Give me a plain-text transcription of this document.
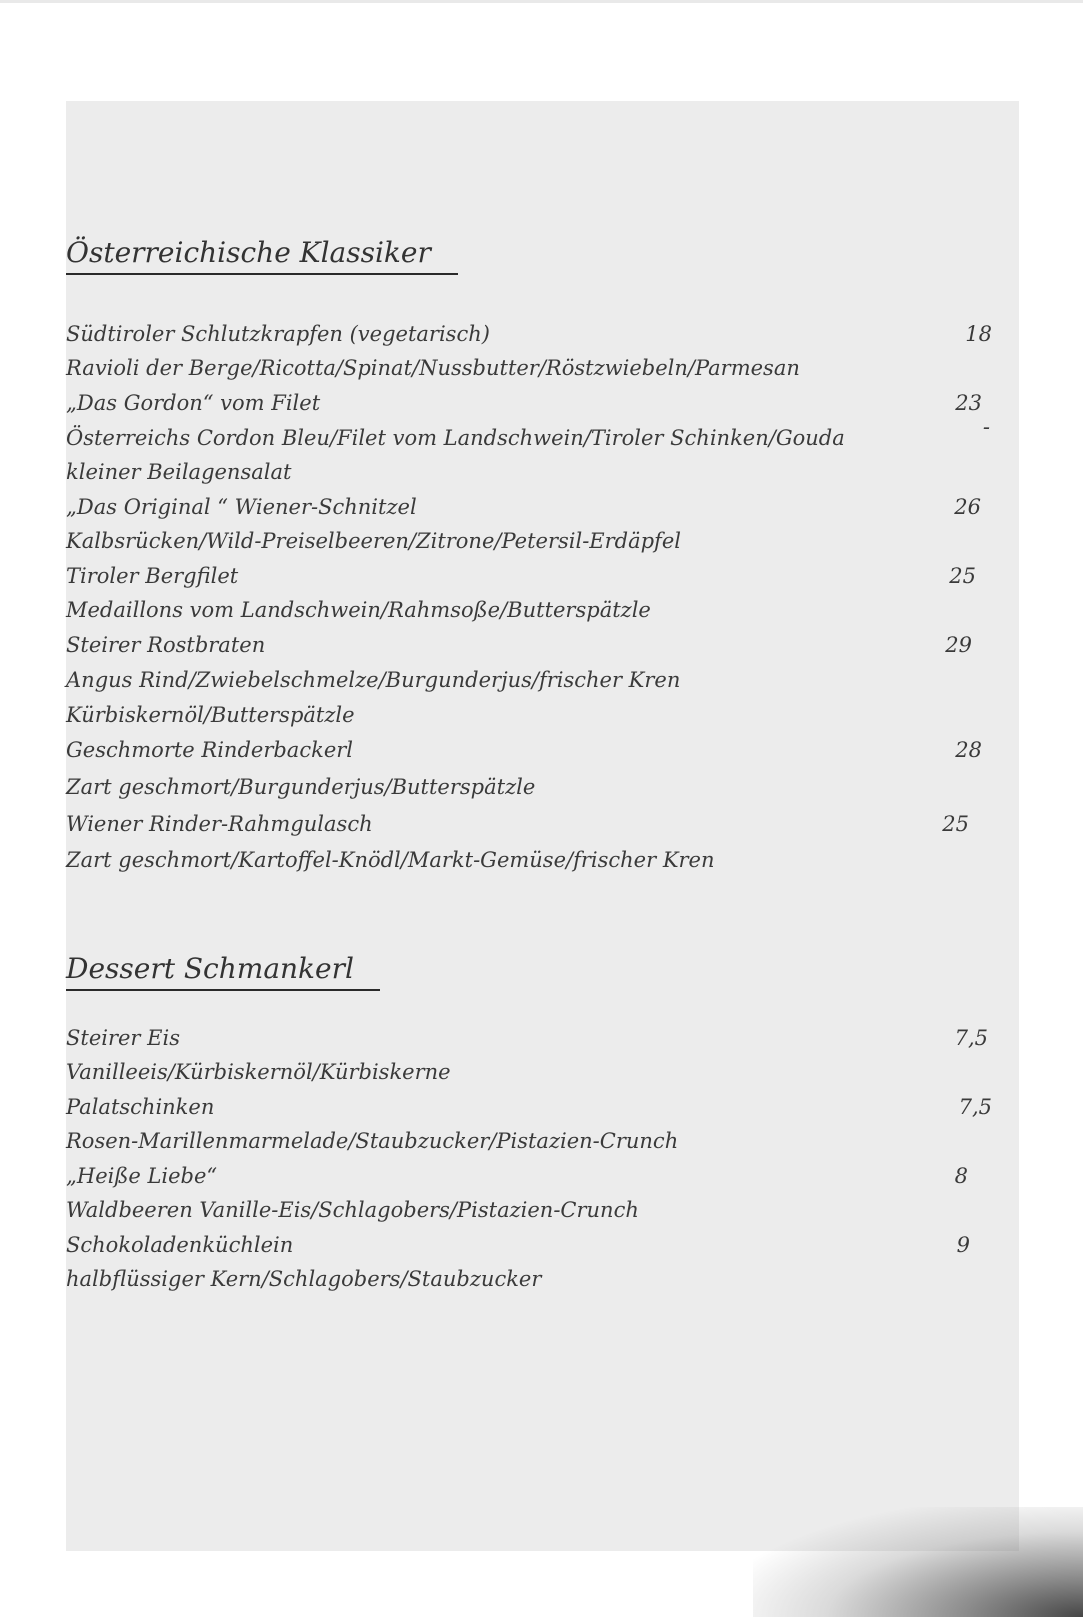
Österreichische Klassiker
Südtiroler Schlutzkrapfen (vegetarisch)	18
Ravioli der Berge/Ricotta/Spinat/Nussbutter/Röstzwiebeln/Parmesan
„Das Gordon“ vom Filet	23
-
Österreichs Cordon Bleu/Filet vom Landschwein/Tiroler Schinken/Gouda
kleiner Beilagensalat
„Das Original “ Wiener-Schnitzel	26
Kalbsrücken/Wild-Preiselbeeren/Zitrone/Petersil-Erdäpfel
Tiroler Bergfilet	25
Medaillons vom Landschwein/Rahmsoße/Butterspätzle
Steirer Rostbraten	29
Angus Rind/Zwiebelschmelze/Burgunderjus/frischer Kren
Kürbiskernöl/Butterspätzle
Geschmorte Rinderbackerl	28
Zart geschmort/Burgunderjus/Butterspätzle
Wiener Rinder-Rahmgulasch	25
Zart geschmort/Kartoffel-Knödl/Markt-Gemüse/frischer Kren
Dessert Schmankerl
Steirer Eis	7,5
Vanilleeis/Kürbiskernöl/Kürbiskerne
Palatschinken	7,5
Rosen-Marillenmarmelade/Staubzucker/Pistazien-Crunch
„Heiße Liebe“	8
Waldbeeren Vanille-Eis/Schlagobers/Pistazien-Crunch
Schokoladenküchlein	9
halbflüssiger Kern/Schlagobers/Staubzucker
